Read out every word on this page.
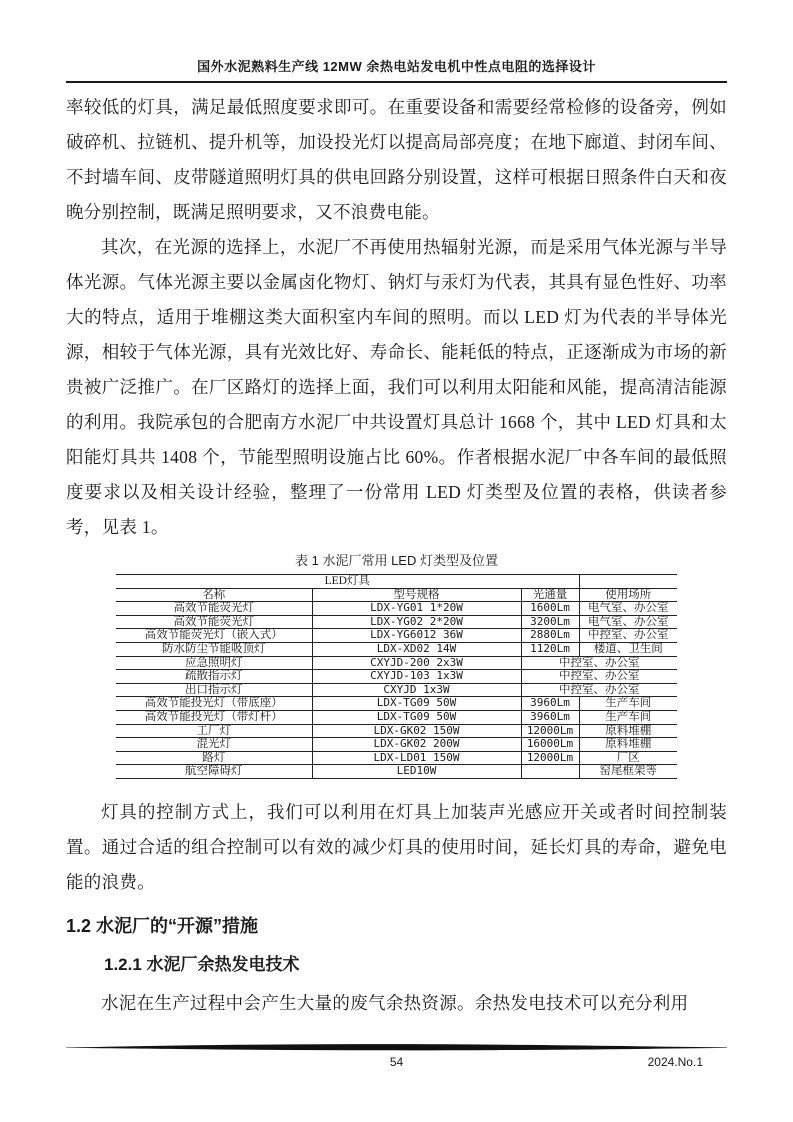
国外水泥熟料生产线 12MW 余热电站发电机中性点电阻的选择设计

率较低的灯具，满足最低照度要求即可。在重要设备和需要经常检修的设备旁，例如破碎机、拉链机、提升机等，加设投光灯以提高局部亮度；在地下廊道、封闭车间、不封墙车间、皮带隧道照明灯具的供电回路分别设置，这样可根据日照条件白天和夜晚分别控制，既满足照明要求，又不浪费电能。

其次，在光源的选择上，水泥厂不再使用热辐射光源，而是采用气体光源与半导体光源。气体光源主要以金属卤化物灯、钠灯与汞灯为代表，其具有显色性好、功率大的特点，适用于堆棚这类大面积室内车间的照明。而以 LED 灯为代表的半导体光源，相较于气体光源，具有光效比好、寿命长、能耗低的特点，正逐渐成为市场的新贵被广泛推广。在厂区路灯的选择上面，我们可以利用太阳能和风能，提高清洁能源的利用。我院承包的合肥南方水泥厂中共设置灯具总计 1668 个，其中 LED 灯具和太阳能灯具共 1408 个，节能型照明设施占比 60%。作者根据水泥厂中各车间的最低照度要求以及相关设计经验，整理了一份常用 LED 灯类型及位置的表格，供读者参考，见表 1。

表 1 水泥厂常用 LED 灯类型及位置
LED灯具			
名称	型号规格	光通量	使用场所
高效节能荧光灯	LDX-YG01 1*20W	1600Lm	电气室、办公室
高效节能荧光灯	LDX-YG02 2*20W	3200Lm	电气室、办公室
高效节能荧光灯（嵌入式）	LDX-YG6012 36W	2880Lm	中控室、办公室
防水防尘节能吸顶灯	LDX-XD02 14W	1120Lm	楼道、卫生间
应急照明灯	CXYJD-200 2x3W	中控室、办公室	
疏散指示灯	CXYJD-103 1x3W	中控室、办公室	
出口指示灯	CXYJD 1x3W	中控室、办公室	
高效节能投光灯（带底座）	LDX-TG09 50W	3960Lm	生产车间
高效节能投光灯（带灯杆）	LDX-TG09 50W	3960Lm	生产车间
工厂灯	LDX-GK02 150W	12000Lm	原料堆棚
混光灯	LDX-GK02 200W	16000Lm	原料堆棚
路灯	LDX-LD01 150W	12000Lm	厂区
航空障碍灯	LED10W		窑尾框架等

灯具的控制方式上，我们可以利用在灯具上加装声光感应开关或者时间控制装置。通过合适的组合控制可以有效的减少灯具的使用时间，延长灯具的寿命，避免电能的浪费。

1.2 水泥厂的“开源”措施
1.2.1 水泥厂余热发电技术

水泥在生产过程中会产生大量的废气余热资源。余热发电技术可以充分利用

54	2024.No.1
